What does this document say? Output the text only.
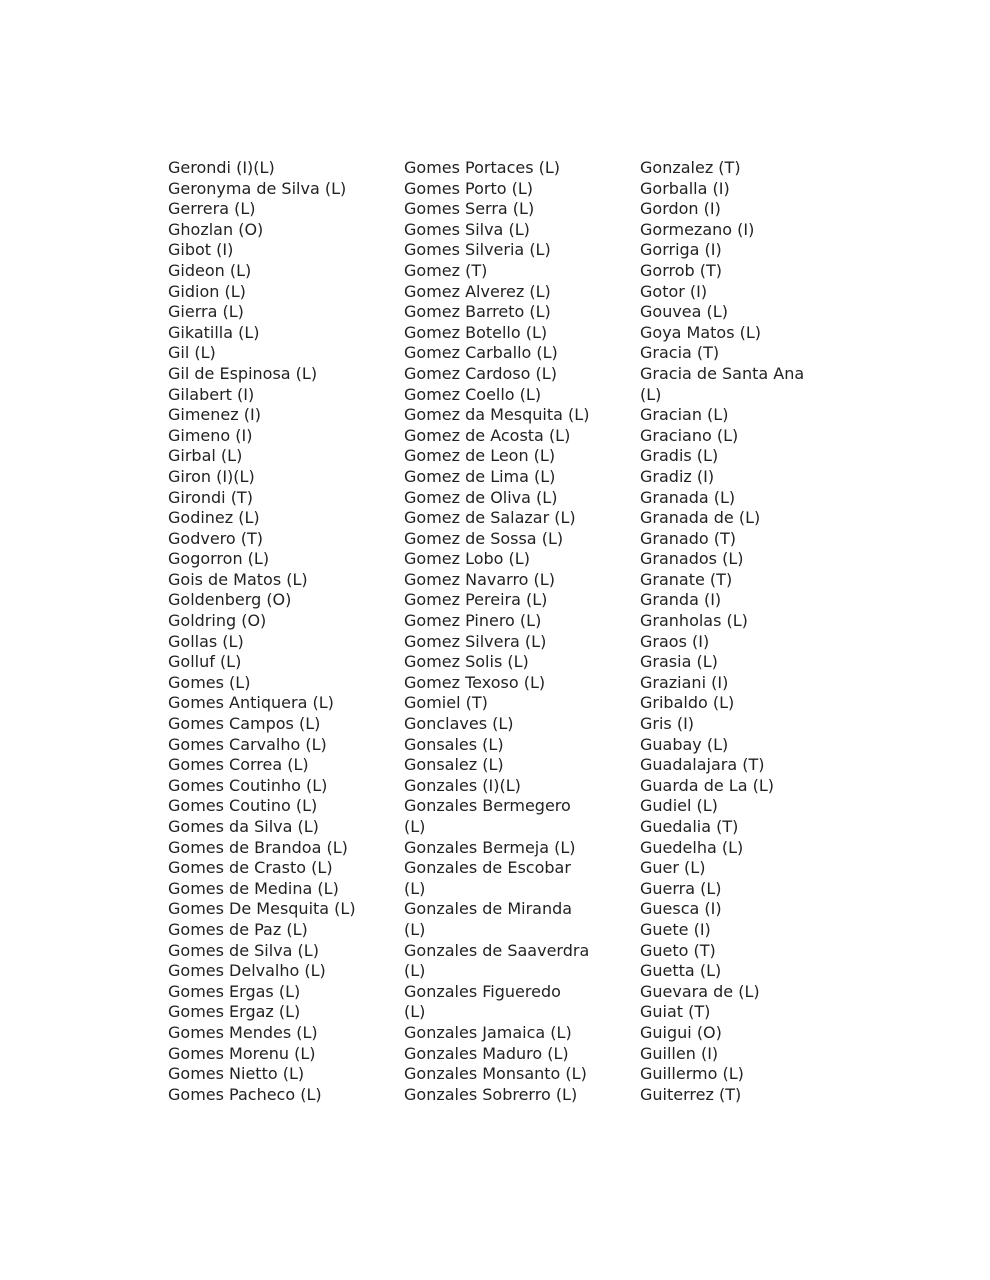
Gerondi (I)(L)
Geronyma de Silva (L)
Gerrera (L)
Ghozlan (O)
Gibot (I)
Gideon (L)
Gidion (L)
Gierra (L)
Gikatilla (L)
Gil (L)
Gil de Espinosa (L)
Gilabert (I)
Gimenez (I)
Gimeno (I)
Girbal (L)
Giron (I)(L)
Girondi (T)
Godinez (L)
Godvero (T)
Gogorron (L)
Gois de Matos (L)
Goldenberg (O)
Goldring (O)
Gollas (L)
Golluf (L)
Gomes (L)
Gomes Antiquera (L)
Gomes Campos (L)
Gomes Carvalho (L)
Gomes Correa (L)
Gomes Coutinho (L)
Gomes Coutino (L)
Gomes da Silva (L)
Gomes de Brandoa (L)
Gomes de Crasto (L)
Gomes de Medina (L)
Gomes De Mesquita (L)
Gomes de Paz (L)
Gomes de Silva (L)
Gomes Delvalho (L)
Gomes Ergas (L)
Gomes Ergaz (L)
Gomes Mendes (L)
Gomes Morenu (L)
Gomes Nietto (L)
Gomes Pacheco (L)
Gomes Portaces (L)
Gomes Porto (L)
Gomes Serra (L)
Gomes Silva (L)
Gomes Silveria (L)
Gomez (T)
Gomez Alverez (L)
Gomez Barreto (L)
Gomez Botello (L)
Gomez Carballo (L)
Gomez Cardoso (L)
Gomez Coello (L)
Gomez da Mesquita (L)
Gomez de Acosta (L)
Gomez de Leon (L)
Gomez de Lima (L)
Gomez de Oliva (L)
Gomez de Salazar (L)
Gomez de Sossa (L)
Gomez Lobo (L)
Gomez Navarro (L)
Gomez Pereira (L)
Gomez Pinero (L)
Gomez Silvera (L)
Gomez Solis (L)
Gomez Texoso (L)
Gomiel (T)
Gonclaves (L)
Gonsales (L)
Gonsalez (L)
Gonzales (I)(L)
Gonzales Bermegero
(L)
Gonzales Bermeja (L)
Gonzales de Escobar
(L)
Gonzales de Miranda
(L)
Gonzales de Saaverdra
(L)
Gonzales Figueredo
(L)
Gonzales Jamaica (L)
Gonzales Maduro (L)
Gonzales Monsanto (L)
Gonzales Sobrerro (L)
Gonzalez (T)
Gorballa (I)
Gordon (I)
Gormezano (I)
Gorriga (I)
Gorrob (T)
Gotor (I)
Gouvea (L)
Goya Matos (L)
Gracia (T)
Gracia de Santa Ana
(L)
Gracian (L)
Graciano (L)
Gradis (L)
Gradiz (I)
Granada (L)
Granada de (L)
Granado (T)
Granados (L)
Granate (T)
Granda (I)
Granholas (L)
Graos (I)
Grasia (L)
Graziani (I)
Gribaldo (L)
Gris (I)
Guabay (L)
Guadalajara (T)
Guarda de La (L)
Gudiel (L)
Guedalia (T)
Guedelha (L)
Guer (L)
Guerra (L)
Guesca (I)
Guete (I)
Gueto (T)
Guetta (L)
Guevara de (L)
Guiat (T)
Guigui (O)
Guillen (I)
Guillermo (L)
Guiterrez (T)
